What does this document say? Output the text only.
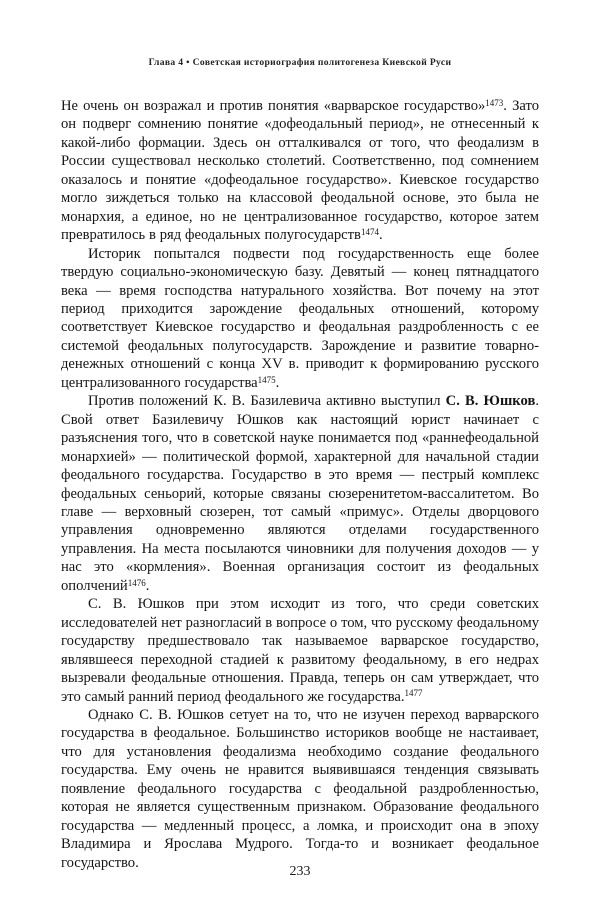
Глава 4 • Советская историография политогенеза Киевской Руси

Не очень он возражал и против понятия «варварское государство»$^{1473}$. Зато он подверг сомнению понятие «дофеодальный период», не отнесенный к какой-либо формации. Здесь он отталкивался от того, что феодализм в России существовал несколько столетий. Соответственно, под сомнением оказалось и понятие «дофеодальное государство». Киевское государство могло зиждеться только на классовой феодальной основе, это была не монархия, а единое, но не централизованное государство, которое затем превратилось в ряд феодальных полугосударств$^{1474}$.

Историк попытался подвести под государственность еще более твердую социально-экономическую базу. Девятый — конец пятнадцатого века — время господства натурального хозяйства. Вот почему на этот период приходится зарождение феодальных отношений, которому соответствует Киевское государство и феодальная раздробленность с ее системой феодальных полугосударств. Зарождение и развитие товарно-денежных отношений с конца XV в. приводит к формированию русского централизованного государства$^{1475}$.

Против положений К. В. Базилевича активно выступил С. В. Юшков. Свой ответ Базилевичу Юшков как настоящий юрист начинает с разъяснения того, что в советской науке понимается под «раннефеодальной монархией» — политической формой, характерной для начальной стадии феодального государства. Государство в это время — пестрый комплекс феодальных сеньорий, которые связаны сюзеренитетом-вассалитетом. Во главе — верховный сюзерен, тот самый «примус». Отделы дворцового управления одновременно являются отделами государственного управления. На места посылаются чиновники для получения доходов — у нас это «кормления». Военная организация состоит из феодальных ополчений$^{1476}$.

С. В. Юшков при этом исходит из того, что среди советских исследователей нет разногласий в вопросе о том, что русскому феодальному государству предшествовало так называемое варварское государство, являвшееся переходной стадией к развитому феодальному, в его недрах вызревали феодальные отношения. Правда, теперь он сам утверждает, что это самый ранний период феодального же государства.$^{1477}$

Однако С. В. Юшков сетует на то, что не изучен переход варварского государства в феодальное. Большинство историков вообще не настаивает, что для установления феодализма необходимо создание феодального государства. Ему очень не нравится выявившаяся тенденция связывать появление феодального государства с феодальной раздробленностью, которая не является существенным признаком. Образование феодального государства — медленный процесс, а ломка, и происходит она в эпоху Владимира и Ярослава Мудрого. Тогда-то и возникает феодальное государство.

233
